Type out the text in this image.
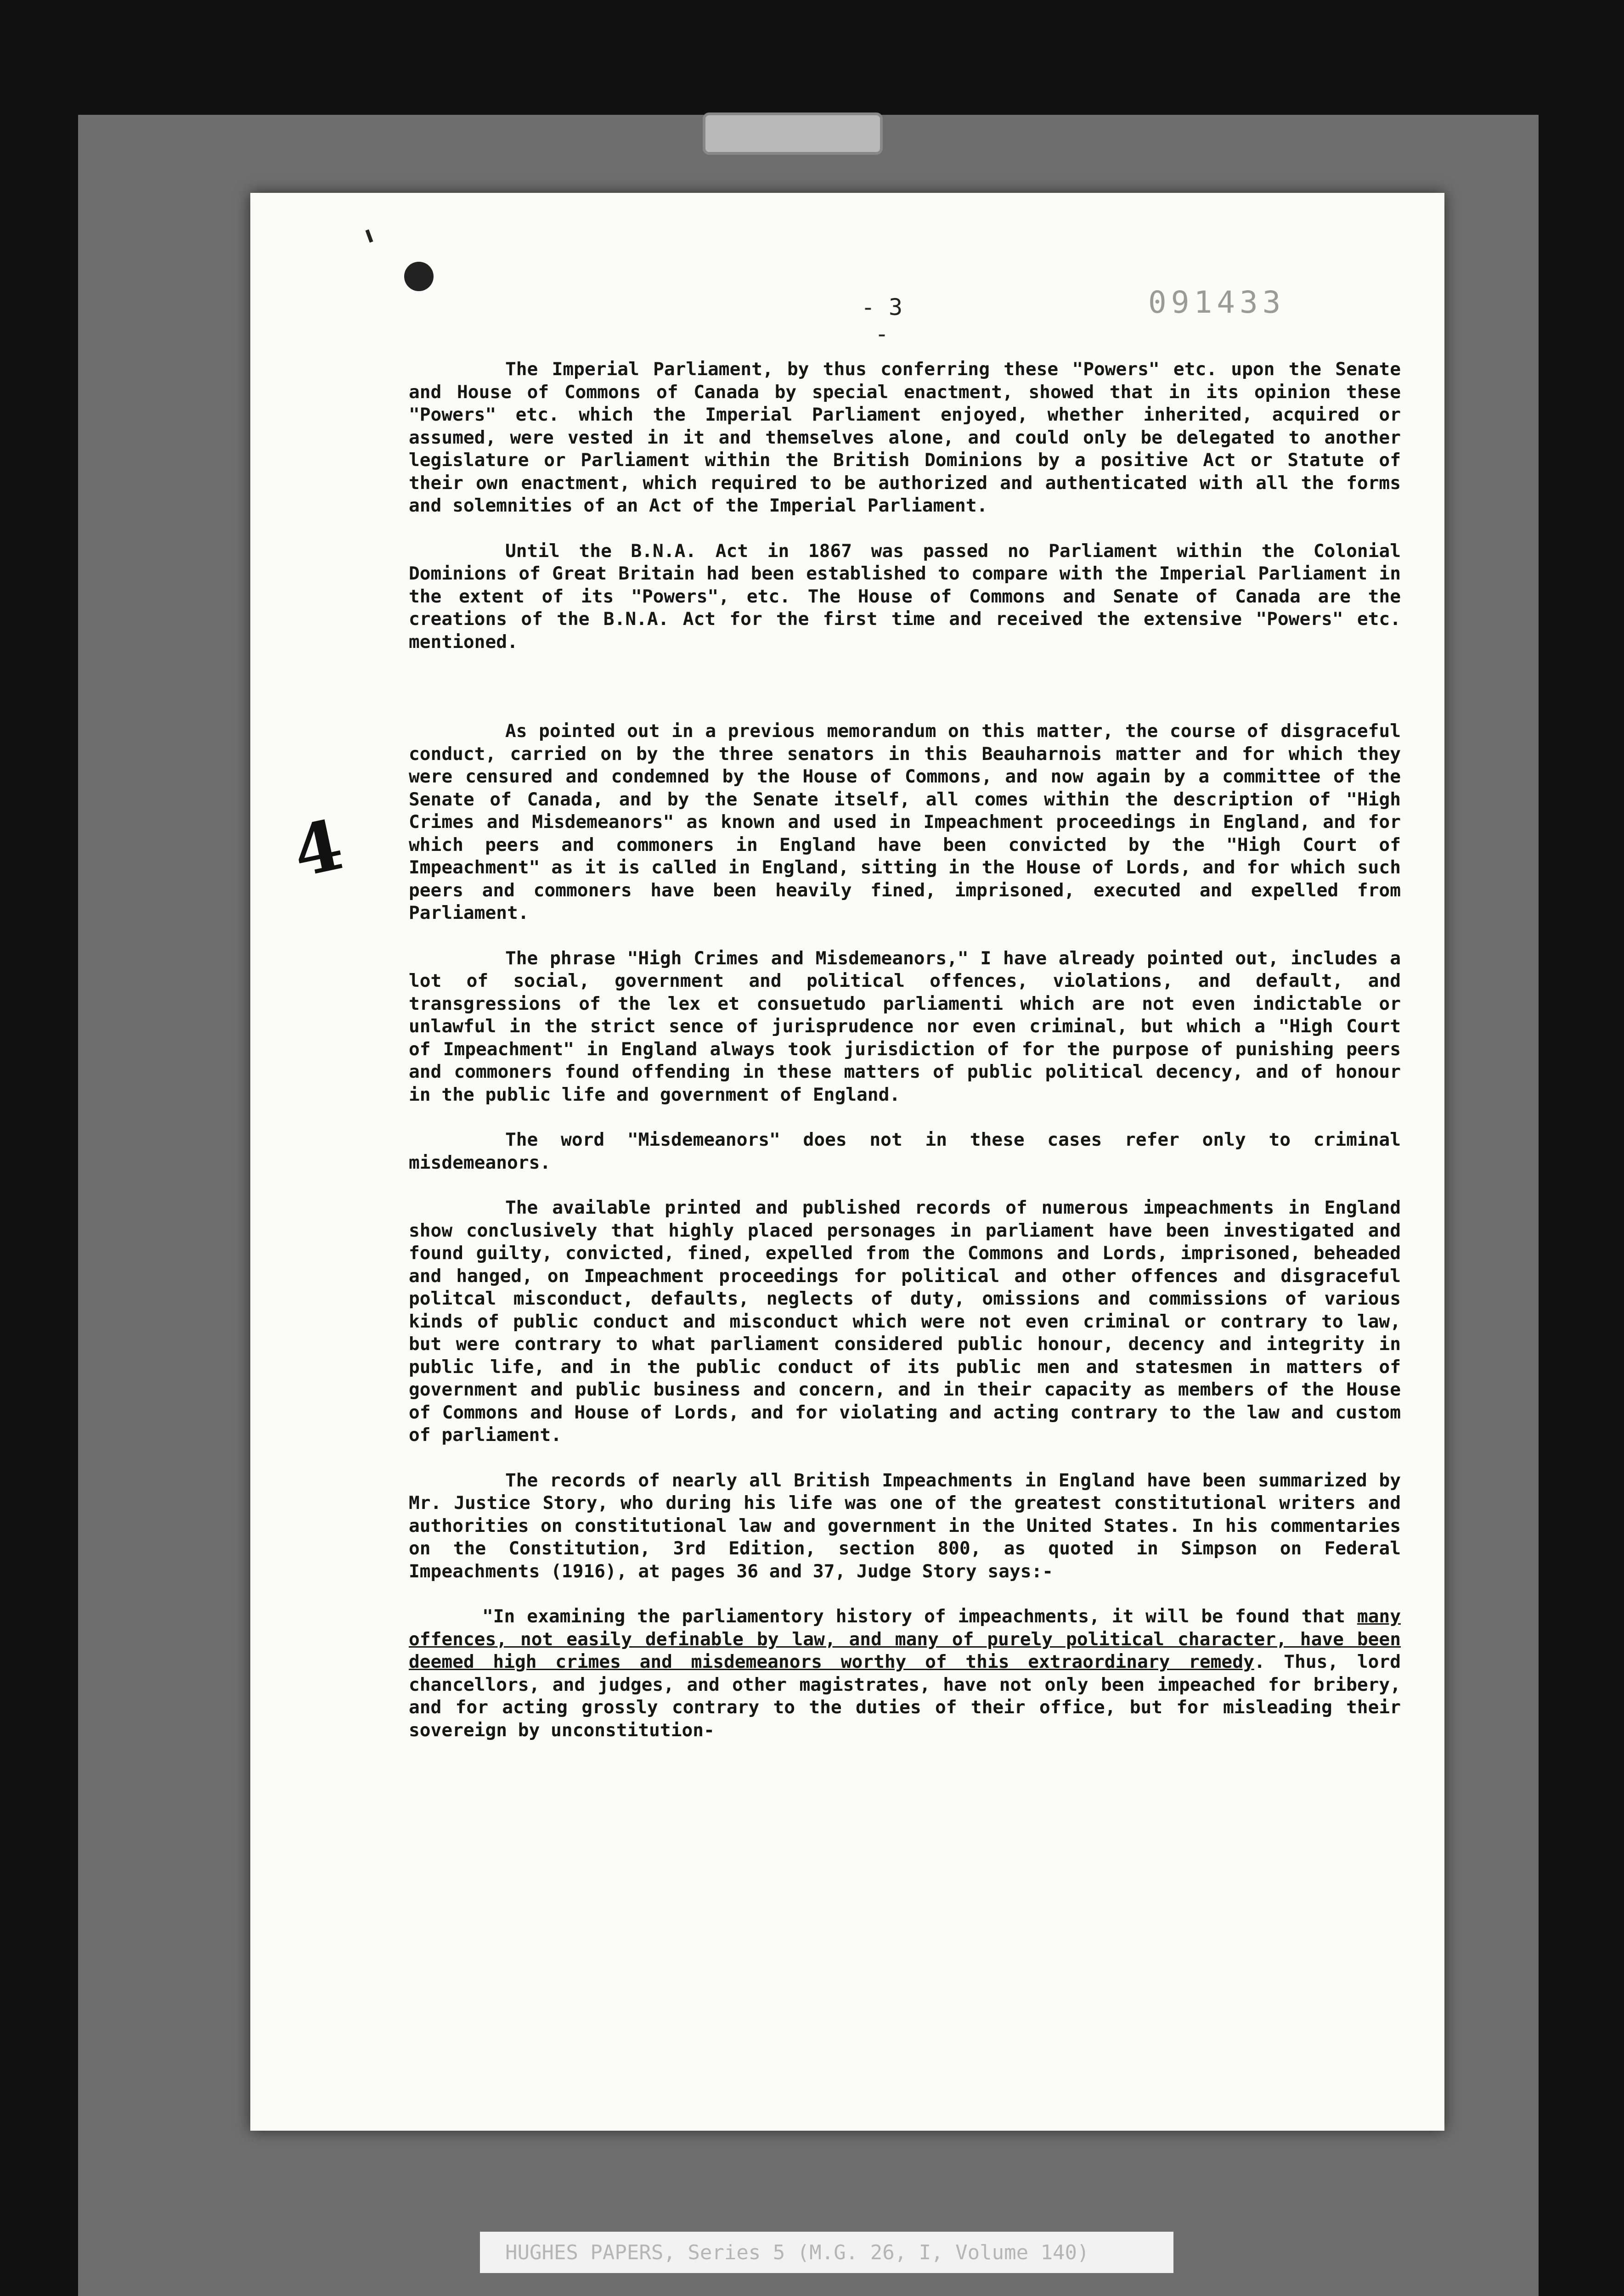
- 3 -
091433
4

The Imperial Parliament, by thus conferring these "Powers" etc. upon the Senate and House of Commons of Canada by special enactment, showed that in its opinion these "Powers" etc. which the Imperial Parliament enjoyed, whether inherited, acquired or assumed, were vested in it and themselves alone, and could only be delegated to another legislature or Parliament within the British Dominions by a positive Act or Statute of their own enactment, which required to be authorized and authenticated with all the forms and solemnities of an Act of the Imperial Parliament.

Until the B.N.A. Act in 1867 was passed no Parliament within the Colonial Dominions of Great Britain had been established to compare with the Imperial Parliament in the extent of its "Powers", etc. The House of Commons and Senate of Canada are the creations of the B.N.A. Act for the first time and received the extensive "Powers" etc. mentioned.

As pointed out in a previous memorandum on this matter, the course of disgraceful conduct, carried on by the three senators in this Beauharnois matter and for which they were censured and condemned by the House of Commons, and now again by a committee of the Senate of Canada, and by the Senate itself, all comes within the description of "High Crimes and Misdemeanors" as known and used in Impeachment proceedings in England, and for which peers and commoners in England have been convicted by the "High Court of Impeachment" as it is called in England, sitting in the House of Lords, and for which such peers and commoners have been heavily fined, imprisoned, executed and expelled from Parliament.

The phrase "High Crimes and Misdemeanors," I have already pointed out, includes a lot of social, government and political offences, violations, and default, and transgressions of the lex et consuetudo parliamenti which are not even indictable or unlawful in the strict sence of jurisprudence nor even criminal, but which a "High Court of Impeachment" in England always took jurisdiction of for the purpose of punishing peers and commoners found offending in these matters of public political decency, and of honour in the public life and government of England.

The word "Misdemeanors" does not in these cases refer only to criminal misdemeanors.

The available printed and published records of numerous impeachments in England show conclusively that highly placed personages in parliament have been investigated and found guilty, convicted, fined, expelled from the Commons and Lords, imprisoned, beheaded and hanged, on Impeachment proceedings for political and other offences and disgraceful politcal misconduct, defaults, neglects of duty, omissions and commissions of various kinds of public conduct and misconduct which were not even criminal or contrary to law, but were contrary to what parliament considered public honour, decency and integrity in public life, and in the public conduct of its public men and statesmen in matters of government and public business and concern, and in their capacity as members of the House of Commons and House of Lords, and for violating and acting contrary to the law and custom of parliament.

The records of nearly all British Impeachments in England have been summarized by Mr. Justice Story, who during his life was one of the greatest constitutional writers and authorities on constitutional law and government in the United States. In his commentaries on the Constitution, 3rd Edition, section 800, as quoted in Simpson on Federal Impeachments (1916), at pages 36 and 37, Judge Story says:-

"In examining the parliamentory history of impeachments, it will be found that many offences, not easily definable by law, and many of purely political character, have been deemed high crimes and misdemeanors worthy of this extraordinary remedy. Thus, lord chancellors, and judges, and other magistrates, have not only been impeached for bribery, and for acting grossly contrary to the duties of their office, but for misleading their sovereign by unconstitution-

HUGHES PAPERS, Series 5 (M.G. 26, I, Volume 140)
